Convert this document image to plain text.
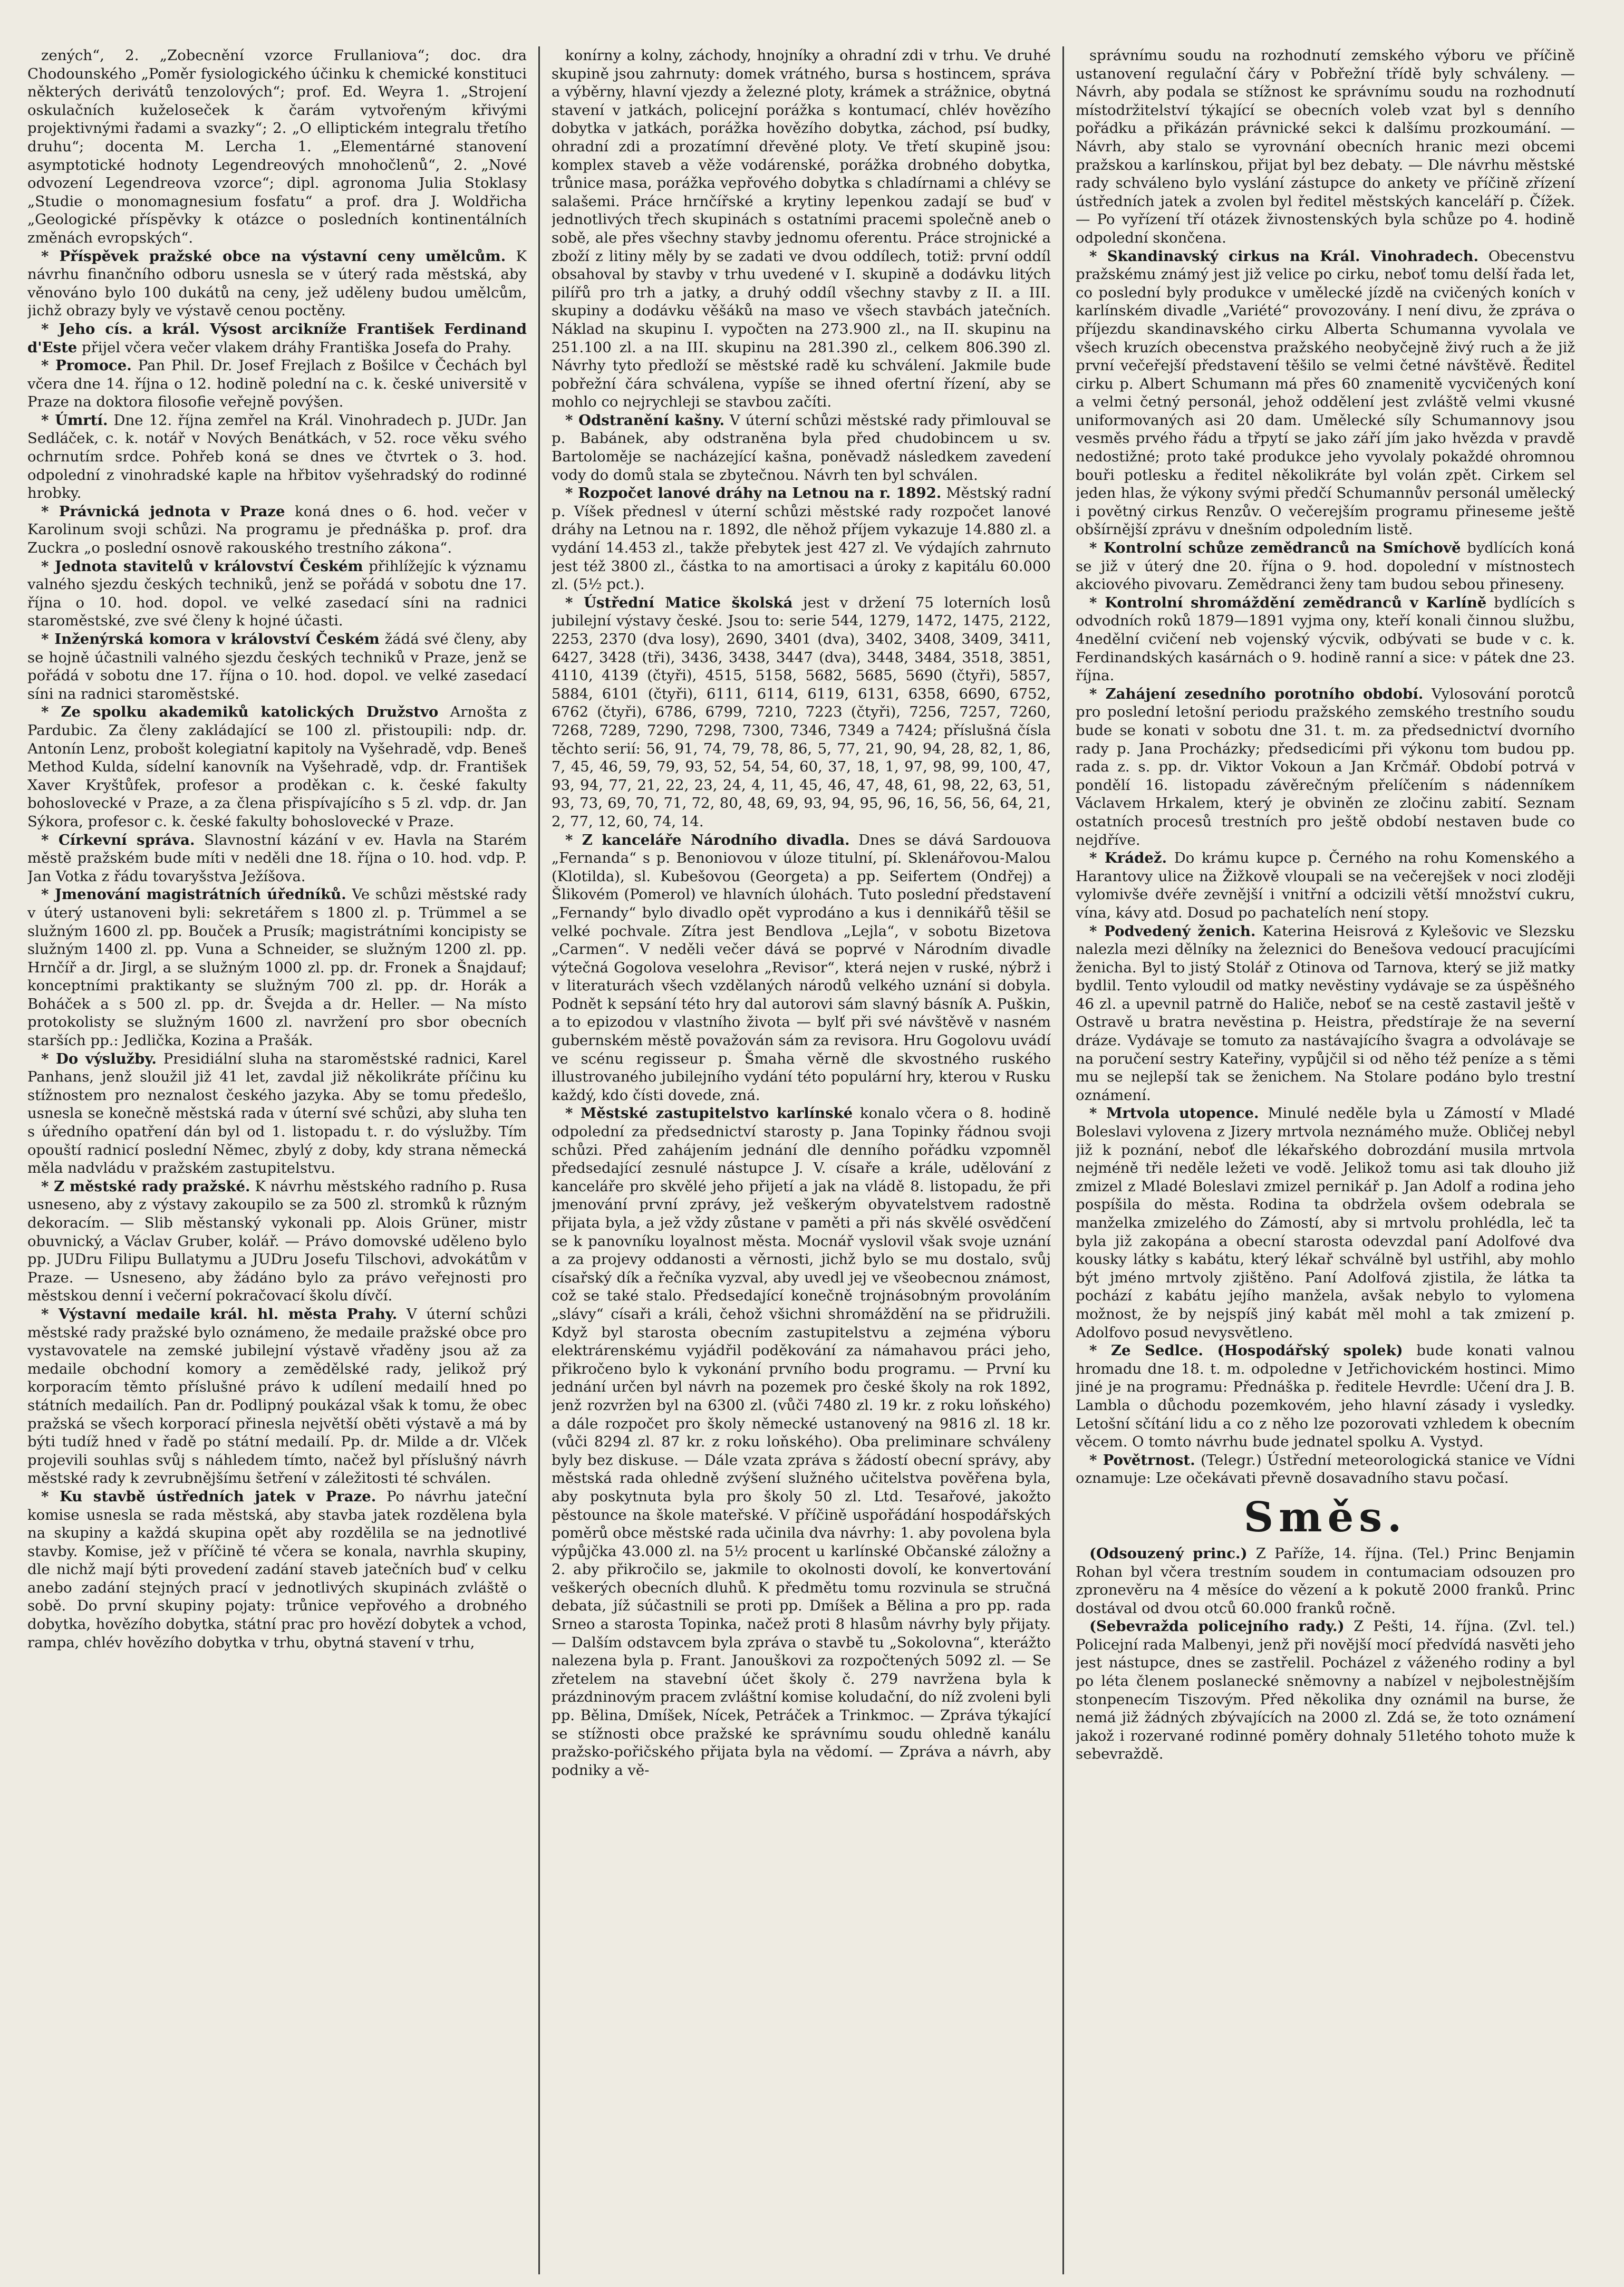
zených“, 2. „Zobecnění vzorce Frullaniova“; doc. dra Chodounského „Poměr fysiologického účinku k chemické konstituci některých derivátů tenzolových“; prof. Ed. Weyra 1. „Strojení oskulačních kuželoseček k čarám vytvořeným křivými projektivnými řadami a svazky“; 2. „O elliptickém integralu třetího druhu“; docenta M. Lercha 1. „Elementárné stanovení asymptotické hodnoty Legendreových mnohočlenů“, 2. „Nové odvození Legendreova vzorce“; dipl. agronoma Julia Stoklasy „Studie o monomagnesium fosfatu“ a prof. dra J. Woldřicha „Geologické příspěvky k otázce o posledních kontinentálních změnách evropských“.

* Příspěvek pražské obce na výstavní ceny umělcům. K návrhu finančního odboru usnesla se v úterý rada městská, aby věnováno bylo 100 dukátů na ceny, jež uděleny budou umělcům, jichž obrazy byly ve výstavě cenou poctěny.

* Jeho cís. a král. Výsost arcikníže František Ferdinand d'Este přijel včera večer vlakem dráhy Františka Josefa do Prahy.

* Promoce. Pan Phil. Dr. Josef Frejlach z Bošilce v Čechách byl včera dne 14. října o 12. hodině polední na c. k. české universitě v Praze na doktora filosofie veřejně povýšen.

* Úmrtí. Dne 12. října zemřel na Král. Vinohradech p. JUDr. Jan Sedláček, c. k. notář v Nových Benátkách, v 52. roce věku svého ochrnutím srdce. Pohřeb koná se dnes ve čtvrtek o 3. hod. odpolední z vinohradské kaple na hřbitov vyšehradský do rodinné hrobky.

* Právnická jednota v Praze koná dnes o 6. hod. večer v Karolinum svoji schůzi. Na programu je přednáška p. prof. dra Zuckra „o poslední osnově rakouského trestního zákona“.

* Jednota stavitelů v království Českém přihlížejíc k významu valného sjezdu českých techniků, jenž se pořádá v sobotu dne 17. října o 10. hod. dopol. ve velké zasedací síni na radnici staroměstské, zve své členy k hojné účasti.

* Inženýrská komora v království Českém žádá své členy, aby se hojně účastnili valného sjezdu českých techniků v Praze, jenž se pořádá v sobotu dne 17. října o 10. hod. dopol. ve velké zasedací síni na radnici staroměstské.

* Ze spolku akademiků katolických Družstvo Arnošta z Pardubic. Za členy zakládající se 100 zl. přistoupili: ndp. dr. Antonín Lenz, probošt kolegiatní kapitoly na Vyšehradě, vdp. Beneš Method Kulda, sídelní kanovník na Vyšehradě, vdp. dr. František Xaver Kryštůfek, profesor a proděkan c. k. české fakulty bohoslovecké v Praze, a za člena přispívajícího s 5 zl. vdp. dr. Jan Sýkora, profesor c. k. české fakulty bohoslovecké v Praze.

* Církevní správa. Slavnostní kázání v ev. Havla na Starém městě pražském bude míti v neděli dne 18. října o 10. hod. vdp. P. Jan Votka z řádu tovaryšstva Ježíšova.

* Jmenování magistrátních úředníků. Ve schůzi městské rady v úterý ustanoveni byli: sekretářem s 1800 zl. p. Trümmel a se služným 1600 zl. pp. Bouček a Prusík; magistrátními koncipisty se služným 1400 zl. pp. Vuna a Schneider, se služným 1200 zl. pp. Hrnčíř a dr. Jirgl, a se služným 1000 zl. pp. dr. Fronek a Šnajdauf; konceptními praktikanty se služným 700 zl. pp. dr. Horák a Boháček a s 500 zl. pp. dr. Švejda a dr. Heller. — Na místo protokolisty se služným 1600 zl. navržení pro sbor obecních starších pp.: Jedlička, Kozina a Prašák.

* Do výslužby. Presidiální sluha na staroměstské radnici, Karel Panhans, jenž sloužil již 41 let, zavdal již několikráte příčinu ku stížnostem pro neznalost českého jazyka. Aby se tomu předešlo, usnesla se konečně městská rada v úterní své schůzi, aby sluha ten s úředního opatření dán byl od 1. listopadu t. r. do výslužby. Tím opouští radnicí poslední Němec, zbylý z doby, kdy strana německá měla nadvládu v pražském zastupitelstvu.

* Z městské rady pražské. K návrhu městského radního p. Rusa usneseno, aby z výstavy zakoupilo se za 500 zl. stromků k různým dekoracím. — Slib městanský vykonali pp. Alois Grüner, mistr obuvnický, a Václav Gruber, kolář. — Právo domovské uděleno bylo pp. JUDru Filipu Bullatymu a JUDru Josefu Tilschovi, advokátům v Praze. — Usneseno, aby žádáno bylo za právo veřejnosti pro městskou denní i večerní pokračovací školu dívčí.

* Výstavní medaile král. hl. města Prahy. V úterní schůzi městské rady pražské bylo oznámeno, že medaile pražské obce pro vystavovatele na zemské jubilejní výstavě vřaděny jsou až za medaile obchodní komory a zemědělské rady, jelikož prý korporacím těmto příslušné právo k udílení medailí hned po státních medailích. Pan dr. Podlipný poukázal však k tomu, že obec pražská se všech korporací přinesla největší oběti výstavě a má by býti tudíž hned v řadě po státní medailí. Pp. dr. Milde a dr. Vlček projevili souhlas svůj s náhledem tímto, načež byl příslušný návrh městské rady k zevrubnějšímu šetření v záležitosti té schválen.

* Ku stavbě ústředních jatek v Praze. Po návrhu jateční komise usnesla se rada městská, aby stavba jatek rozdělena byla na skupiny a každá skupina opět aby rozdělila se na jednotlivé stavby. Komise, jež v příčině té včera se konala, navrhla skupiny, dle nichž mají býti provedení zadání staveb jatečních buď v celku anebo zadání stejných prací v jednotlivých skupinách zvláště o sobě. Do první skupiny pojaty: trůnice vepřového a drobného dobytka, hovězího dobytka, státní prac pro hovězí dobytek a vchod, rampa, chlév hovězího dobytka v trhu, obytná stavení v trhu,

konírny a kolny, záchody, hnojníky a ohradní zdi v trhu. Ve druhé skupině jsou zahrnuty: domek vrátného, bursa s hostincem, správa a výběrny, hlavní vjezdy a železné ploty, krámek a strážnice, obytná stavení v jatkách, policejní porážka s kontumací, chlév hovězího dobytka v jatkách, porážka hovězího dobytka, záchod, psí budky, ohradní zdi a prozatímní dřevěné ploty. Ve třetí skupině jsou: komplex staveb a věže vodárenské, porážka drobného dobytka, trůnice masa, porážka vepřového dobytka s chladírnami a chlévy se salašemi. Práce hrnčířské a krytiny lepenkou zadají se buď v jednotlivých třech skupinách s ostatními pracemi společně aneb o sobě, ale přes všechny stavby jednomu oferentu. Práce strojnické a zboží z litiny měly by se zadati ve dvou oddílech, totiž: první oddíl obsahoval by stavby v trhu uvedené v I. skupině a dodávku litých pilířů pro trh a jatky, a druhý oddíl všechny stavby z II. a III. skupiny a dodávku věšáků na maso ve všech stavbách jatečních. Náklad na skupinu I. vypočten na 273.900 zl., na II. skupinu na 251.100 zl. a na III. skupinu na 281.390 zl., celkem 806.390 zl. Návrhy tyto předloží se městské radě ku schválení. Jakmile bude pobřežní čára schválena, vypíše se ihned ofertní řízení, aby se mohlo co nejrychleji se stavbou začíti.

* Odstranění kašny. V úterní schůzi městské rady přimlouval se p. Babánek, aby odstraněna byla před chudobincem u sv. Bartoloměje se nacházející kašna, poněvadž následkem zavedení vody do domů stala se zbytečnou. Návrh ten byl schválen.

* Rozpočet lanové dráhy na Letnou na r. 1892. Městský radní p. Víšek přednesl v úterní schůzi městské rady rozpočet lanové dráhy na Letnou na r. 1892, dle něhož příjem vykazuje 14.880 zl. a vydání 14.453 zl., takže přebytek jest 427 zl. Ve výdajích zahrnuto jest též 3800 zl., částka to na amortisaci a úroky z kapitálu 60.000 zl. (5½ pct.).

* Ústřední Matice školská jest v držení 75 loterních losů jubilejní výstavy české. Jsou to: serie 544, 1279, 1472, 1475, 2122, 2253, 2370 (dva losy), 2690, 3401 (dva), 3402, 3408, 3409, 3411, 6427, 3428 (tři), 3436, 3438, 3447 (dva), 3448, 3484, 3518, 3851, 4110, 4139 (čtyři), 4515, 5158, 5682, 5685, 5690 (čtyři), 5857, 5884, 6101 (čtyři), 6111, 6114, 6119, 6131, 6358, 6690, 6752, 6762 (čtyři), 6786, 6799, 7210, 7223 (čtyři), 7256, 7257, 7260, 7268, 7289, 7290, 7298, 7300, 7346, 7349 a 7424; příslušná čísla těchto serií: 56, 91, 74, 79, 78, 86, 5, 77, 21, 90, 94, 28, 82, 1, 86, 7, 45, 46, 59, 79, 93, 52, 54, 54, 60, 37, 18, 1, 97, 98, 99, 100, 47, 93, 94, 77, 21, 22, 23, 24, 4, 11, 45, 46, 47, 48, 61, 98, 22, 63, 51, 93, 73, 69, 70, 71, 72, 80, 48, 69, 93, 94, 95, 96, 16, 56, 56, 64, 21, 2, 77, 12, 60, 74, 14.

* Z kanceláře Národního divadla. Dnes se dává Sardouova „Fernanda“ s p. Benoniovou v úloze titulní, pí. Sklenářovou-Malou (Klotilda), sl. Kubešovou (Georgeta) a pp. Seifertem (Ondřej) a Šlikovém (Pomerol) ve hlavních úlohách. Tuto poslední představení „Fernandy“ bylo divadlo opět vyprodáno a kus i dennikářů těšil se velké pochvale. Zítra jest Bendlova „Lejla“, v sobotu Bizetova „Carmen“. V neděli večer dává se poprvé v Národním divadle výtečná Gogolova veselohra „Revisor“, která nejen v ruské, nýbrž i v literaturách všech vzdělaných národů velkého uznání si dobyla. Podnět k sepsání této hry dal autorovi sám slavný básník A. Puškin, a to epizodou v vlastního života — bylť při své návštěvě v nasném gubernském městě považován sám za revisora. Hru Gogolovu uvádí ve scénu regisseur p. Šmaha věrně dle skvostného ruského illustrovaného jubilejního vydání této populární hry, kterou v Rusku každý, kdo čísti dovede, zná.

* Městské zastupitelstvo karlínské konalo včera o 8. hodině odpolední za předsednictví starosty p. Jana Topinky řádnou svoji schůzi. Před zahájením jednání dle denního pořádku vzpomněl předsedající zesnulé nástupce J. V. císaře a krále, udělování z kanceláře pro skvělé jeho přijetí a jak na vládě 8. listopadu, že při jmenování první zprávy, jež veškerým obyvatelstvem radostně přijata byla, a jež vždy zůstane v paměti a při nás skvělé osvědčení se k panovníku loyalnost města. Mocnář vyslovil však svoje uznání a za projevy oddanosti a věrnosti, jichž bylo se mu dostalo, svůj císařský dík a řečníka vyzval, aby uvedl jej ve všeobecnou známost, což se také stalo. Předsedající konečně trojnásobným provoláním „slávy“ císaři a králi, čehož všichni shromáždění na se přidružili. Když byl starosta obecním zastupitelstvu a zejména výboru elektrárenskému vyjádřil poděkování za námahavou práci jeho, přikročeno bylo k vykonání prvního bodu programu. — První ku jednání určen byl návrh na pozemek pro české školy na rok 1892, jenž rozvržen byl na 6300 zl. (vůči 7480 zl. 19 kr. z roku loňského) a dále rozpočet pro školy německé ustanovený na 9816 zl. 18 kr. (vůči 8294 zl. 87 kr. z roku loňského). Oba preliminare schváleny byly bez diskuse. — Dále vzata zpráva s žádostí obecní správy, aby městská rada ohledně zvýšení služného učitelstva pověřena byla, aby poskytnuta byla pro školy 50 zl. Ltd. Tesařové, jakožto pěstounce na škole mateřské. V příčině uspořádání hospodářských poměrů obce městské rada učinila dva návrhy: 1. aby povolena byla výpůjčka 43.000 zl. na 5½ procent u karlínské Občanské záložny a 2. aby přikročilo se, jakmile to okolnosti dovolí, ke konvertování veškerých obecních dluhů. K předmětu tomu rozvinula se stručná debata, jíž súčastnili se proti pp. Dmíšek a Bělina a pro pp. rada Srneo a starosta Topinka, načež proti 8 hlasům návrhy byly přijaty. — Dalším odstavcem byla zpráva o stavbě tu „Sokolovna“, kterážto nalezena byla p. Frant. Janouškovi za rozpočtených 5092 zl. — Se zřetelem na stavební účet školy č. 279 navržena byla k prázdninovým pracem zvláštní komise koludační, do níž zvoleni byli pp. Bělina, Dmíšek, Nícek, Petráček a Trinkmoc. — Zpráva týkající se stížnosti obce pražské ke správnímu soudu ohledně kanálu pražsko-pořičského přijata byla na vědomí. — Zpráva a návrh, aby podniky a vě-

správnímu soudu na rozhodnutí zemského výboru ve příčině ustanovení regulační čáry v Pobřežní třídě byly schváleny. — Návrh, aby podala se stížnost ke správnímu soudu na rozhodnutí místodržitelství týkající se obecních voleb vzat byl s denního pořádku a přikázán právnické sekci k dalšímu prozkoumání. — Návrh, aby stalo se vyrovnání obecních hranic mezi obcemi pražskou a karlínskou, přijat byl bez debaty. — Dle návrhu městské rady schváleno bylo vyslání zástupce do ankety ve příčině zřízení ústředních jatek a zvolen byl ředitel městských kanceláří p. Čížek. — Po vyřízení tří otázek živnostenských byla schůze po 4. hodině odpolední skončena.

* Skandinavský cirkus na Král. Vinohradech. Obecenstvu pražskému známý jest již velice po cirku, neboť tomu delší řada let, co poslední byly produkce v umělecké jízdě na cvičených koních v karlínském divadle „Variété“ provozovány. I není divu, že zpráva o příjezdu skandinavského cirku Alberta Schumanna vyvolala ve všech kruzích obecenstva pražského neobyčejně živý ruch a že již první večeřejší představení těšilo se velmi četné návštěvě. Ředitel cirku p. Albert Schumann má přes 60 znamenitě vycvičených koní a velmi četný personál, jehož oddělení jest zvláště velmi vkusné uniformovaných asi 20 dam. Umělecké síly Schumannovy jsou vesměs prvého řádu a třpytí se jako září jím jako hvězda v pravdě nedostižné; proto také produkce jeho vyvolaly pokaždé ohromnou bouři potlesku a ředitel několikráte byl volán zpět. Cirkem sel jeden hlas, že výkony svými předčí Schumannův personál umělecký i povětný cirkus Renzův. O večerejším programu přineseme ještě obšírnější zprávu v dnešním odpoledním listě.

* Kontrolní schůze zemědranců na Smíchově bydlících koná se již v úterý dne 20. října o 9. hod. dopolední v místnostech akciového pivovaru. Zemědranci ženy tam budou sebou přineseny.

* Kontrolní shromáždění zemědranců v Karlíně bydlících s odvodních roků 1879—1891 vyjma ony, kteří konali činnou službu, 4nedělní cvičení neb vojenský výcvik, odbývati se bude v c. k. Ferdinandských kasárnách o 9. hodině ranní a sice: v pátek dne 23. října.

* Zahájení zesedního porotního období. Vylosování porotců pro poslední letošní periodu pražského zemského trestního soudu bude se konati v sobotu dne 31. t. m. za předsednictví dvorního rady p. Jana Procházky; předsedicími při výkonu tom budou pp. rada z. s. pp. dr. Viktor Vokoun a Jan Krčmář. Období potrvá v pondělí 16. listopadu závěrečným přelíčením s nádenníkem Václavem Hrkalem, který je obviněn ze zločinu zabití. Seznam ostatních procesů trestních pro ještě období nestaven bude co nejdříve.

* Krádež. Do krámu kupce p. Černého na rohu Komenského a Harantovy ulice na Žižkově vloupali se na večerejšek v noci zloději vylomivše dvéře zevnější i vnitřní a odcizili větší množství cukru, vína, kávy atd. Dosud po pachatelích není stopy.

* Podvedený ženich. Katerina Heisrová z Kylešovic ve Slezsku nalezla mezi dělníky na železnici do Benešova vedoucí pracujícími ženicha. Byl to jistý Stolář z Otinova od Tarnova, který se již matky bydlil. Tento vyloudil od matky nevěstiny vydávaje se za úspěšného 46 zl. a upevnil patrně do Haliče, neboť se na cestě zastavil ještě v Ostravě u bratra nevěstina p. Heistra, předstíraje že na severní dráze. Vydávaje se tomuto za nastávajícího švagra a odvolávaje se na poručení sestry Kateřiny, vypůjčil si od něho též peníze a s těmi mu se nejlepší tak se ženichem. Na Stolare podáno bylo trestní oznámení.

* Mrtvola utopence. Minulé neděle byla u Zámostí v Mladé Boleslavi vylovena z Jizery mrtvola neznámého muže. Obličej nebyl již k poznání, neboť dle lékařského dobrozdání musila mrtvola nejméně tři neděle ležeti ve vodě. Jelikož tomu asi tak dlouho již zmizel z Mladé Boleslavi zmizel pernikář p. Jan Adolf a rodina jeho pospíšila do města. Rodina ta obdržela ovšem odebrala se manželka zmizelého do Zámostí, aby si mrtvolu prohlédla, leč ta byla již zakopána a obecní starosta odevzdal paní Adolfové dva kousky látky s kabátu, který lékař schválně byl ustřihl, aby mohlo být jméno mrtvoly zjištěno. Paní Adolfová zjistila, že látka ta pochází z kabátu jejího manžela, avšak nebylo to vylomena možnost, že by nejspíš jiný kabát měl mohl a tak zmizení p. Adolfovo posud nevysvětleno.

* Ze Sedlce. (Hospodářský spolek) bude konati valnou hromadu dne 18. t. m. odpoledne v Jetřichovickém hostinci. Mimo jiné je na programu: Přednáška p. ředitele Hevrdle: Učení dra J. B. Lambla o důchodu pozemkovém, jeho hlavní zásady i vysledky. Letošní sčítání lidu a co z něho lze pozorovati vzhledem k obecním věcem. O tomto návrhu bude jednatel spolku A. Vystyd.

* Povětrnost. (Telegr.) Ústřední meteorologická stanice ve Vídni oznamuje: Lze očekávati převně dosavadního stavu počasí.

Směs.

(Odsouzený princ.) Z Paříže, 14. října. (Tel.) Princ Benjamin Rohan byl včera trestním soudem in contumaciam odsouzen pro zpronevěru na 4 měsíce do vězení a k pokutě 2000 franků. Princ dostával od dvou otců 60.000 franků ročně.

(Sebevražda policejního rady.) Z Pešti, 14. října. (Zvl. tel.) Policejní rada Malbenyi, jenž při novější mocí předvídá nasvěti jeho jest nástupce, dnes se zastřelil. Pocházel z váženého rodiny a byl po léta členem poslanecké sněmovny a nabízel v nejbolestnějším stonpenecím Tiszovým. Před několika dny oznámil na burse, že nemá již žádných zbývajících na 2000 zl. Zdá se, že toto oznámení jakož i rozervané rodinné poměry dohnaly 51letého tohoto muže k sebevraždě.
